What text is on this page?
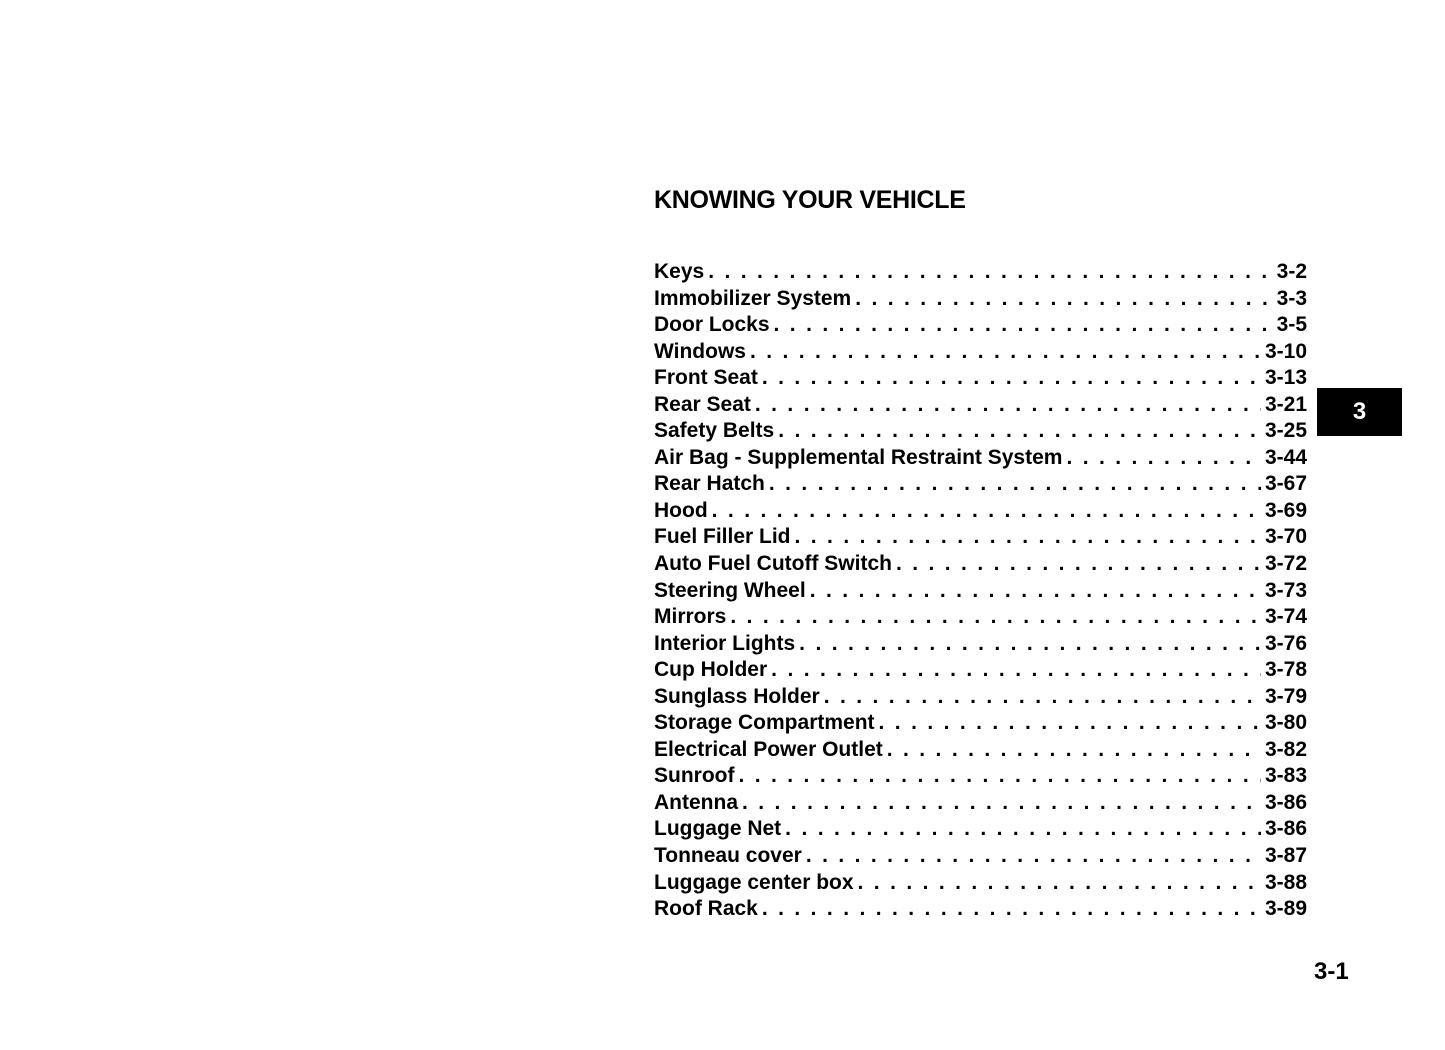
KNOWING YOUR VEHICLE
Keys . . .	3-2
Immobilizer System . . .	3-3
Door Locks . . .	3-5
Windows . . .	3-10
Front Seat . . .	3-13
Rear Seat . . .	3-21
Safety Belts . . .	3-25
Air Bag - Supplemental Restraint System . . .	3-44
Rear Hatch . . .	3-67
Hood . . .	3-69
Fuel Filler Lid . . .	3-70
Auto Fuel Cutoff Switch . . .	3-72
Steering Wheel . . .	3-73
Mirrors . . .	3-74
Interior Lights . . .	3-76
Cup Holder . . .	3-78
Sunglass Holder . . .	3-79
Storage Compartment . . .	3-80
Electrical Power Outlet . . .	3-82
Sunroof . . .	3-83
Antenna . . .	3-86
Luggage Net . . .	3-86
Tonneau cover . . .	3-87
Luggage center box . . .	3-88
Roof Rack . . .	3-89
3
3-1
